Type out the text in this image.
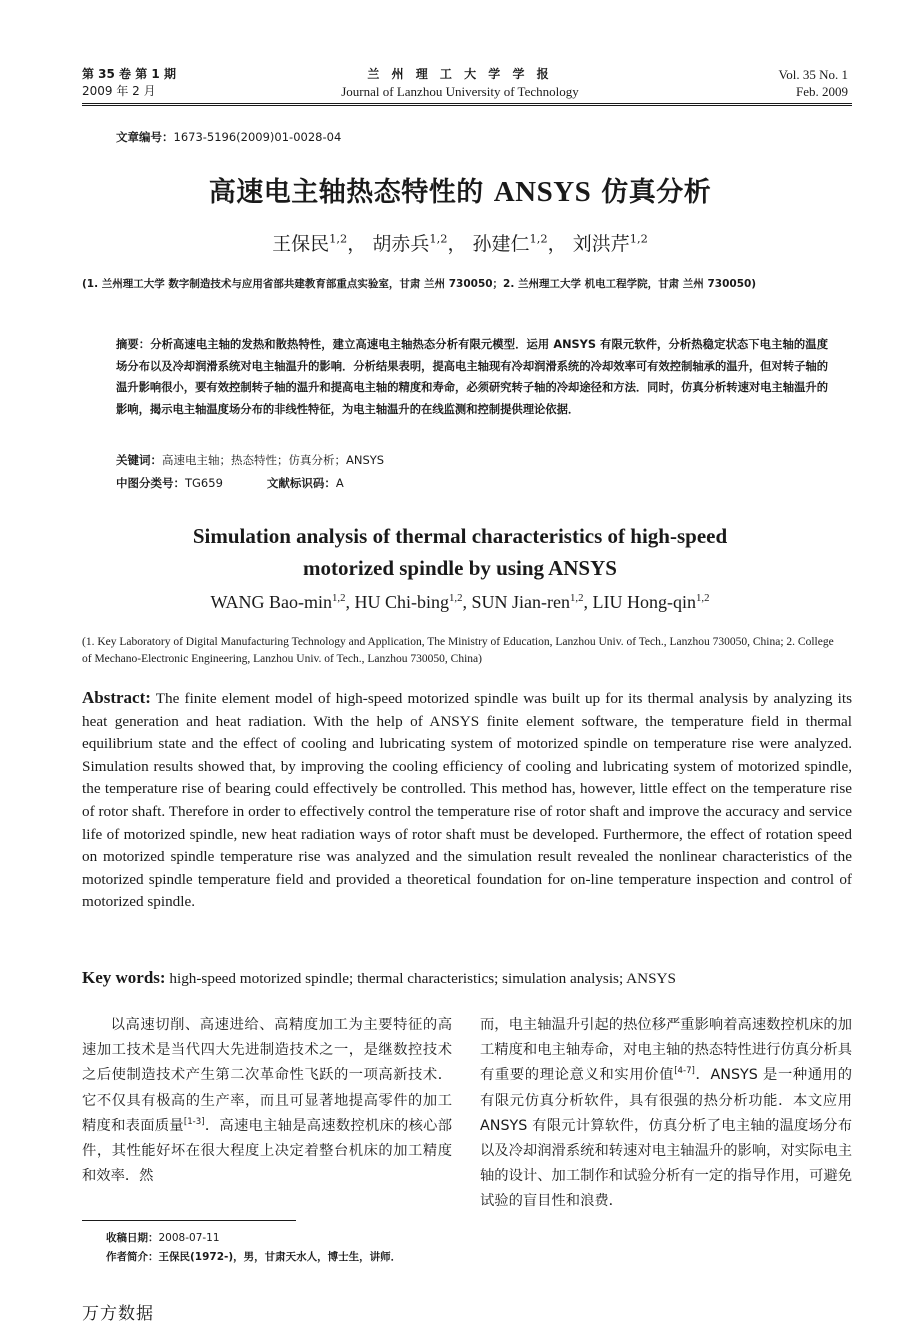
第 35 卷 第 1 期
2009 年 2 月
兰 州 理 工 大 学 学 报
Journal of Lanzhou University of Technology
Vol. 35 No. 1
Feb. 2009
文章编号：1673-5196(2009)01-0028-04
高速电主轴热态特性的 ANSYS 仿真分析
王保民$^{1,2}$， 胡赤兵$^{1,2}$， 孙建仁$^{1,2}$， 刘洪芹$^{1,2}$
(1. 兰州理工大学 数字制造技术与应用省部共建教育部重点实验室，甘肃 兰州 730050；2. 兰州理工大学 机电工程学院，甘肃 兰州 730050)
摘要：分析高速电主轴的发热和散热特性，建立高速电主轴热态分析有限元模型．运用 ANSYS 有限元软件，分析热稳定状态下电主轴的温度场分布以及冷却润滑系统对电主轴温升的影响．分析结果表明，提高电主轴现有冷却润滑系统的冷却效率可有效控制轴承的温升，但对转子轴的温升影响很小，要有效控制转子轴的温升和提高电主轴的精度和寿命，必须研究转子轴的冷却途径和方法．同时，仿真分析转速对电主轴温升的影响，揭示电主轴温度场分布的非线性特征，为电主轴温升的在线监测和控制提供理论依据．
关键词：高速电主轴；热态特性；仿真分析；ANSYS
中图分类号：TG659	文献标识码：A
Simulation analysis of thermal characteristics of high-speed
motorized spindle by using ANSYS
WANG Bao-$\min^{1,2}$, HU Chi-bing$^{1,2}$, SUN Jian-ren$^{1,2}$, LIU Hong-qin$^{1,2}$
(1. Key Laboratory of Digital Manufacturing Technology and Application, The Ministry of Education, Lanzhou Univ. of Tech., Lanzhou 730050, China; 2. College of Mechano-Electronic Engineering, Lanzhou Univ. of Tech., Lanzhou 730050, China)
Abstract: The finite element model of high-speed motorized spindle was built up for its thermal analysis by analyzing its heat generation and heat radiation. With the help of ANSYS finite element software, the temperature field in thermal equilibrium state and the effect of cooling and lubricating system of motorized spindle on temperature rise were analyzed. Simulation results showed that, by improving the cooling efficiency of cooling and lubricating system of motorized spindle, the temperature rise of bearing could effectively be controlled. This method has, however, little effect on the temperature rise of rotor shaft. Therefore in order to effectively control the temperature rise of rotor shaft and improve the accuracy and service life of motorized spindle, new heat radiation ways of rotor shaft must be developed. Furthermore, the effect of rotation speed on motorized spindle temperature rise was analyzed and the simulation result revealed the nonlinear characteristics of the motorized spindle temperature field and provided a theoretical foundation for on-line temperature inspection and control of motorized spindle.
Key words: high-speed motorized spindle; thermal characteristics; simulation analysis; ANSYS
以高速切削、高速进给、高精度加工为主要特征的高速加工技术是当代四大先进制造技术之一，是继数控技术之后使制造技术产生第二次革命性飞跃的一项高新技术．它不仅具有极高的生产率，而且可显著地提高零件的加工精度和表面质量[1-3]．高速电主轴是高速数控机床的核心部件，其性能好坏在很大程度上决定着整台机床的加工精度和效率．然
而，电主轴温升引起的热位移严重影响着高速数控机床的加工精度和电主轴寿命，对电主轴的热态特性进行仿真分析具有重要的理论意义和实用价值[4-7]．ANSYS 是一种通用的有限元仿真分析软件，具有很强的热分析功能．本文应用 ANSYS 有限元计算软件，仿真分析了电主轴的温度场分布以及冷却润滑系统和转速对电主轴温升的影响，对实际电主轴的设计、加工制作和试验分析有一定的指导作用，可避免试验的盲目性和浪费．
收稿日期：2008-07-11
作者简介：王保民(1972-)，男，甘肃天水人，博士生，讲师．
万方数据
